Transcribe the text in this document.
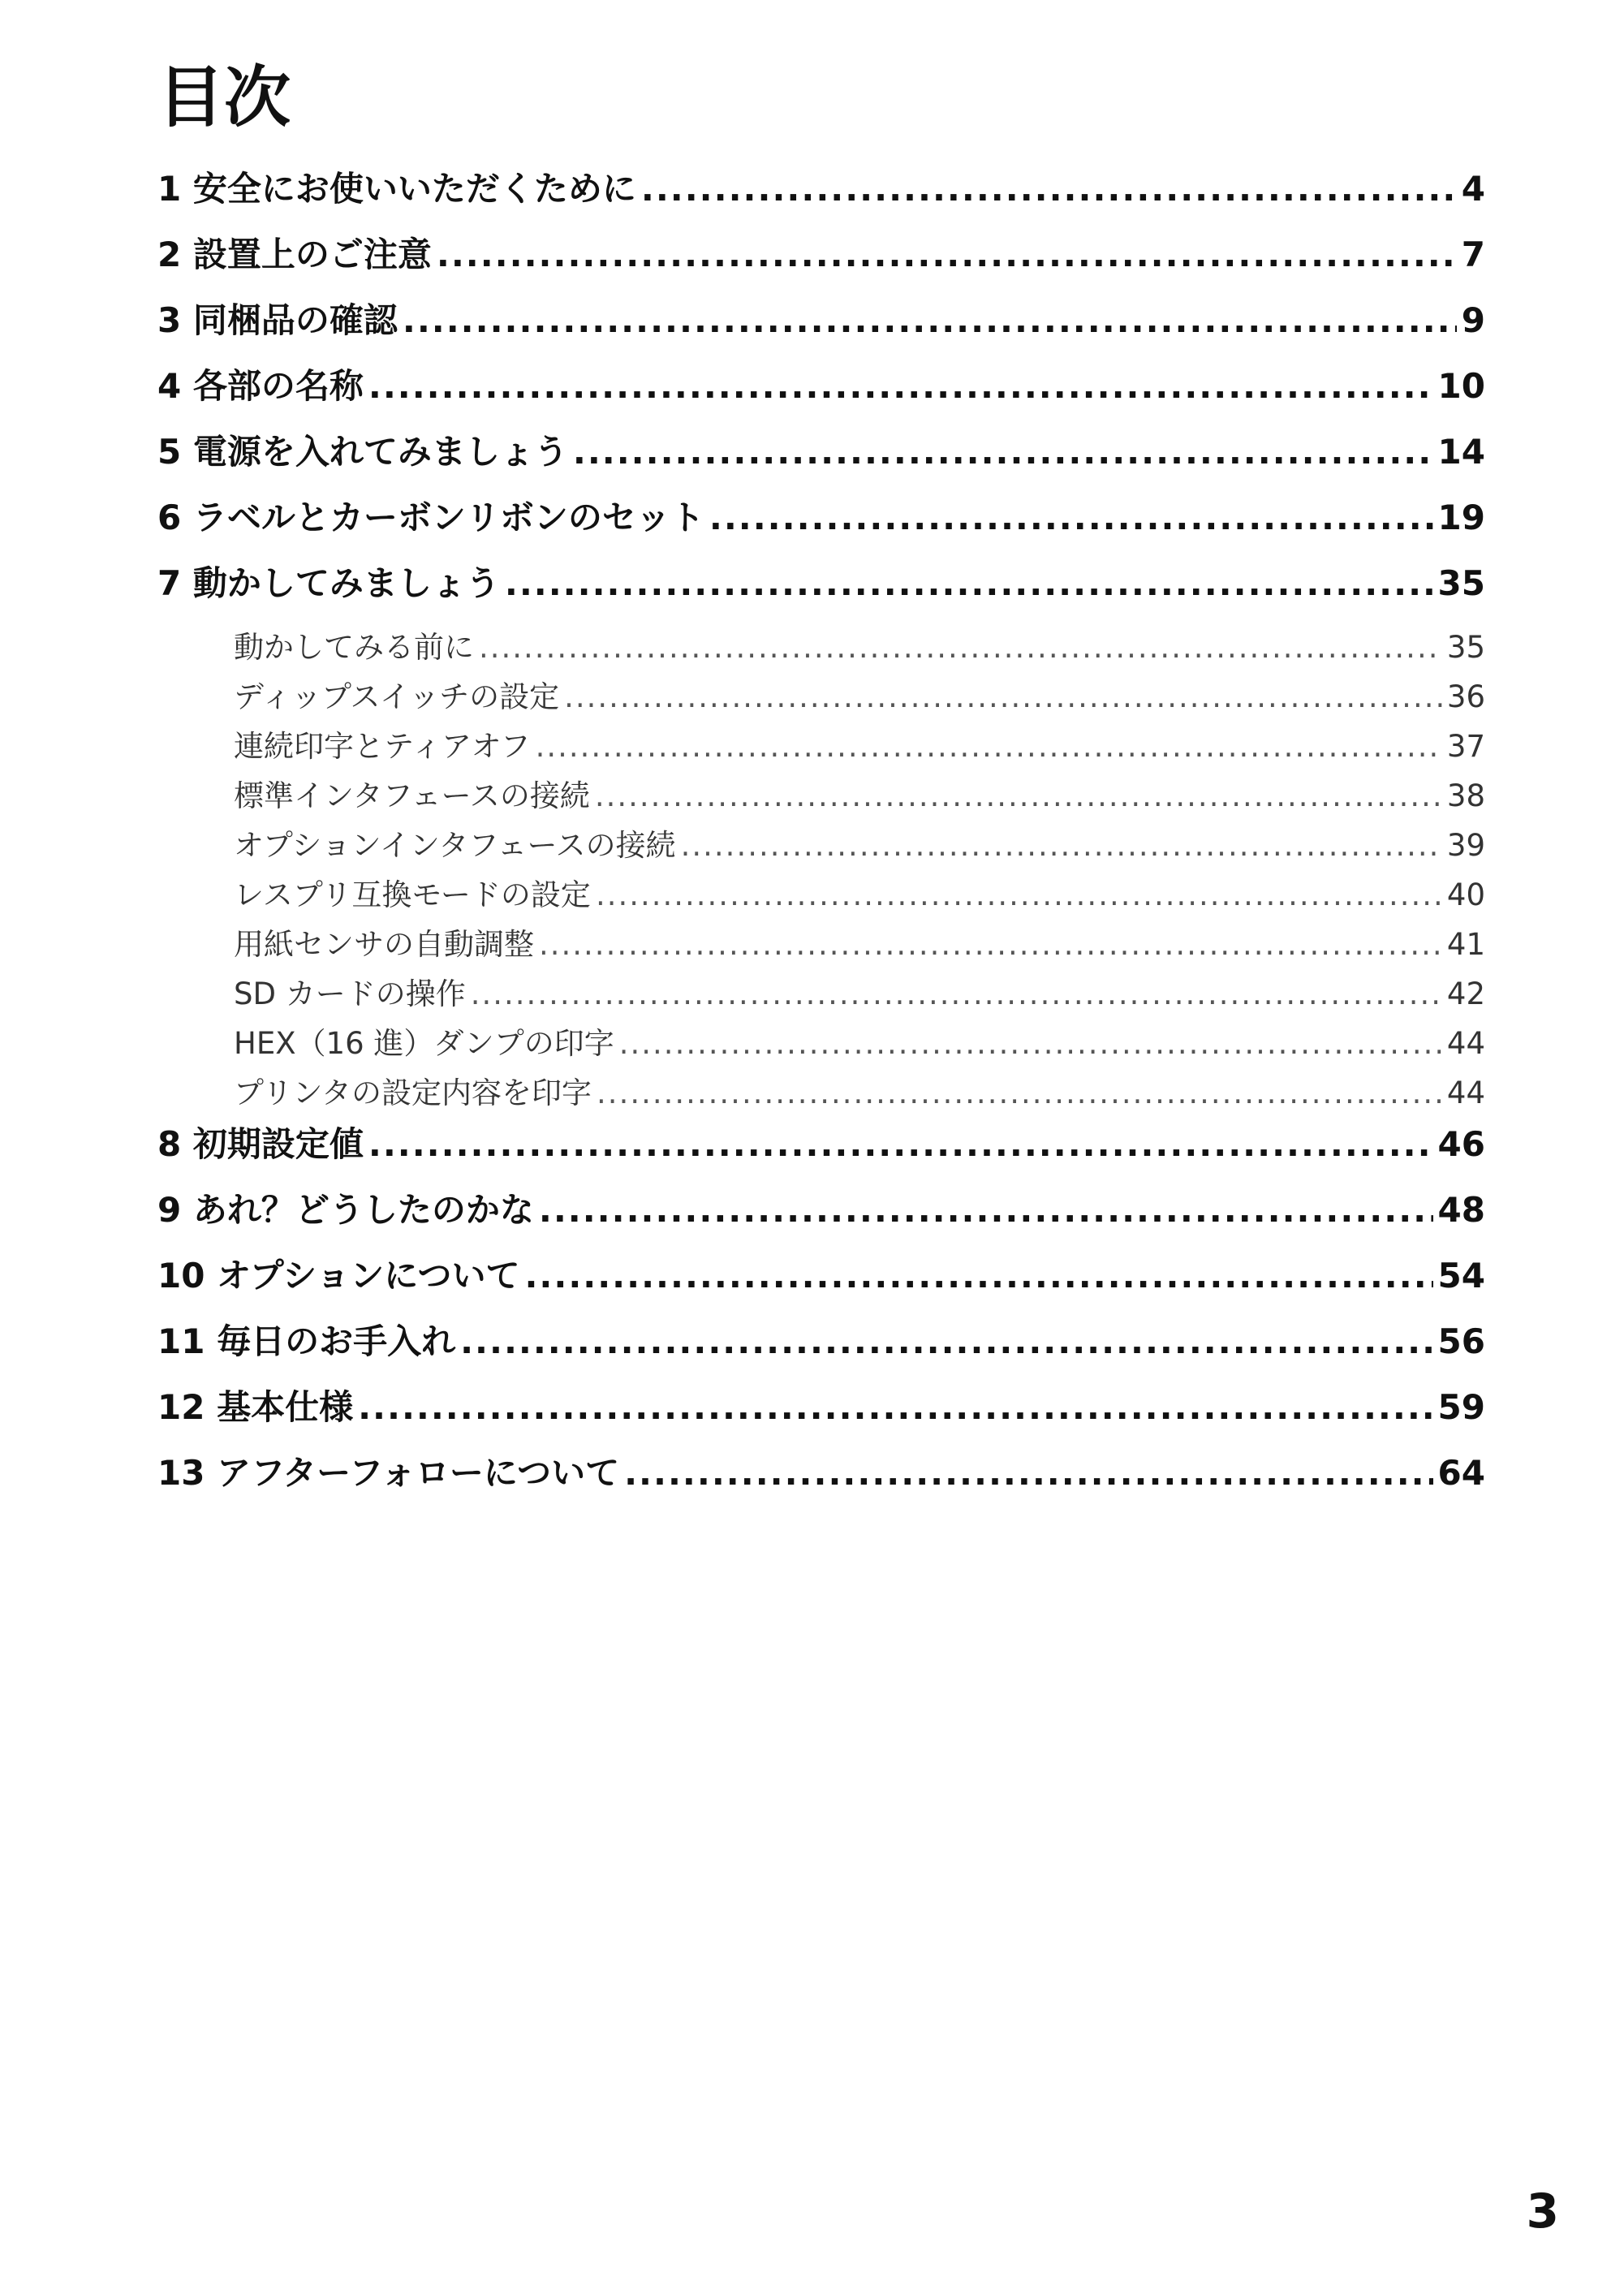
目次
1 安全にお使いいただくために .....	4
2 設置上のご注意 .....	7
3 同梱品の確認 .....	9
4 各部の名称 .....	10
5 電源を入れてみましょう .....	14
6 ラベルとカーボンリボンのセット .....	19
7 動かしてみましょう .....	35
動かしてみる前に .....	35
ディップスイッチの設定 .....	36
連続印字とティアオフ .....	37
標準インタフェースの接続 .....	38
オプションインタフェースの接続 .....	39
レスプリ互換モードの設定 .....	40
用紙センサの自動調整 .....	41
SD カードの操作 .....	42
HEX（16 進）ダンプの印字 .....	44
プリンタの設定内容を印字 .....	44
8 初期設定値 .....	46
9 あれ？どうしたのかな .....	48
10 オプションについて .....	54
11 毎日のお手入れ .....	56
12 基本仕様 .....	59
13 アフターフォローについて .....	64
3
